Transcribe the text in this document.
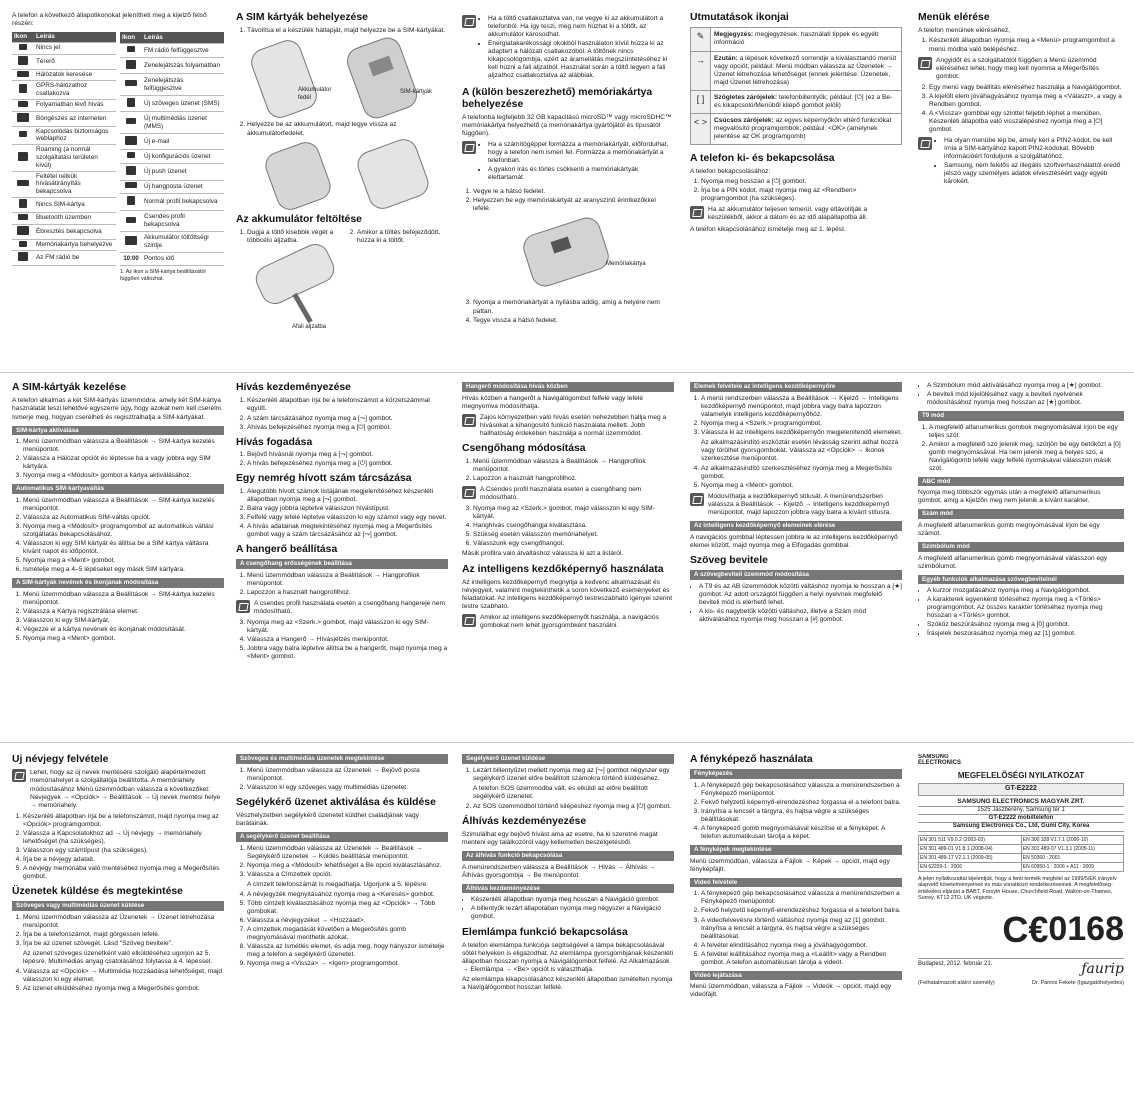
A telefon a következő állapotikonokat jelenítheti meg a kijelző felső részén:

Ikon	Leírás
	Nincs jel
	Térerő
	Hálózatok keresése
	GPRS-hálózathoz csatlakozva
	Folyamatban lévő hívás
	Böngészés az interneten
	Kapcsolódás biztonságos weblaphoz
	Roaming (a normál szolgáltatási területen kívül)
	Feltétel nélküli hívásátirányítás bekapcsolva
	Nincs SIM-kártya
	Bluetooth üzemben
	Ébresztés bekapcsolva
	Memóriakártya behelyezve
	Az FM rádió be
Ikon	Leírás
	FM rádió felfüggesztve
	Zenelejátszás folyamatban
	Zenelejátszás felfüggesztve
	Új szöveges üzenet (SMS)
	Új multimédiás üzenet (MMS)
	Új e-mail
	Új konfigurációs üzenet
	Új push üzenet
	Új hangposta üzenet
	Normál profil bekapcsolva
	Csendes profil bekapcsolva
	Akkumulátor töltöttségi szintje
10:00	Pontos idő

1. Az ikon a SIM-kártya beállításától függően változhat.

A SIM kártyák behelyezése
1. Távolítsa el a készülék hátlapját, majd helyezze be a SIM-kártyákat.
Akkumulátor fedél
SIM-kártyák
2. Helyezze be az akkumulátort, majd tegye vissza az akkumulátorfedelet.
Az akkumulátor feltöltése
1. Dugja a töltő kisebbik végét a többcélú aljzatba.
2. Amikor a töltés befejeződött, húzza ki a töltőt.
Afali aljzatba
• Ha a töltő csatlakoztatva van, ne vegye ki az akkumulátort a telefonból. Ha így teszi, meg nem húzhat ki a töltőt, az akkumulátor károsodhat.
• Energiatakarékossági okokból használaton kívül húzza ki az adaptert a hálózati csatlakozóból. A töltőnek nincs kikapcsológombja, ezért az áramellátás megszüntetéséhez ki kell húzni a fali aljzatból. Használat során a töltő legyen a fali aljzathoz csatlakoztatva az alábbiak.
A (külön beszerezhető) memóriakártya behelyezése

A telefonba legfeljebb 32 GB kapacitású microSD™ vagy microSDHC™ memóriakártya helyezhető (a memóriakártya gyártójától és típusától függően).

• Ha a számítógéppel formázza a memóriakártyát, előfordulhat, hogy a telefon nem ismeri fel. Formázza a memóriakártyát a telefonban.
• A gyakori írás és törlés csökkenti a memóriakártyák élettartamát.
1. Vegye le a hátsó fedelet.
2. Helyezzen be egy memóriakártyát az aranyszínű érintkezőkkel lefelé.
Memóriakártya
3. Nyomja a memóriakártyát a nyílásba addig, amíg a helyére nem pattan.
4. Tegye vissza a hátsó fedelet.
Útmutatások ikonjai
✎	Megjegyzés: megjegyzések, használati tippek és egyéb információ
→	Ezután: a lépések következő sorrendje a kiválasztandó menüt vagy opciót; például: Menü módban válassza az Üzenetek → Üzenet létrehozása lehetőséget (ennek jelentése: Üzenetek, majd Üzenet létrehozása)
[ ]	Szögletes zárójelek: telefonbillentyűk; például: [⏻] (ez a Be- és kikapcsoló/Menüből kilépő gombot jelöli)
< >	Csúcsos zárójelek: az egyes képernyőkön eltérő funkciókat megvalósító programgombok; például: <OK> (amelynek jelentése az OK programgomb)
A telefon ki- és bekapcsolása

A telefon bekapcsolásához:

1. Nyomja meg hosszan a [⏻] gombot.
2. Írja be a PIN kódot, majd nyomja meg az <Rendben> programgombot (ha szükséges).
Ha az akkumulátor teljesen lemerül, vagy eltávolítják a készülékből, akkor a dátum és az idő alapállapotba áll.

A telefon kikapcsolásához ismételje meg az 1. lépést.

Menük elérése

A telefon menüinek eléréséhez,

1. Készenléti állapotban nyomja meg a <Menü> programgombot a menü módba való belépéshez.
Angyidőt és a szolgáltatótól függően a Menü üzemmód eléréséhez lehet, hogy meg kell nyomnia a Megerősítés gombot.
2. Egy menü vagy beállítás eléréséhez használja a Navigálógombot.
3. A kijelölt elem jóváhagyásához nyomja meg a <Választ>, a vagy a Rendben gombot.
4. A <Vissza> gombbal egy szinttel feljebb léphet a menüben. Készenléti állapotba való visszalépéshez nyomja meg a [⏻] gombot.
• Ha olyan menübe lép be, amely kéri a PIN2-kódot, be kell írnia a SIM-kártyához kapott PIN2-kódokat. Bővebb információért forduljunk a szolgáltatóhoz.
• Samsung, nem felelős az illegális szoftverhasználattól eredő jelszó vagy személyes adatok elvesztéséért vagy egyéb károkért.
A SIM-kártyák kezelése

A telefon alkalmas a két SIM-kártyás üzemmódra, amely két SIM-kártya használatát teszi lehetővé egyszerre úgy, hogy azokat nem kell cserélni. Ismerje meg, hogyan cserélheti és regisztrálhatja a SIM-kártyákat.

SIM-kártya aktiválása
1. Menü üzemmódban válassza a Beállítások → SIM-kártya kezelés menüpontot.
2. Válassza a Hálózat opciót és léptesse ba a vagy jobbra egy SIM kártyára.
3. Nyomja meg a <Módosít> gombot a kártya aktiválásához.
Automatikus SIM-kártyaváltás
1. Menü üzemmódban válassza a Beállítások → SIM-kártya kezelés menüpontot.
2. Válassza az Automatikus SIM-váltás opciót.
3. Nyomja meg a <Módosít> programgombot az automatikus váltási szolgáltatás bekapcsolásához.
4. Válasszon ki egy SIM kártyát és állítsa be a SIM kártya váltásra kívánt napot és időpontot.
5. Nyomja meg a <Ment> gombot.
6. Ismételje meg a 4–5 lépéseket egy másik SIM kártyára.
A SIM-kártyák nevének és ikonjának módosítása
1. Menü üzemmódban válassza a Beállítások → SIM-kártya kezelés menüpontot.
2. Válassza a Kártya regisztrálása elemet.
3. Válasszon ki egy SIM-kártyát.
4. Végezze el a kártya nevének és ikonjának módosítását.
5. Nyomja meg a <Ment> gombot.
Hívás kezdeményezése
1. Készenléti állapotban írja be a telefonszámot a körzetszámmal együtt.
2. A szám tárcsázásához nyomja meg a [⤳] gombot.
3. Ahívás befejezéséhez nyomja meg a [⏻] gombot.
Hívás fogadása
1. Bejövő hívásnál nyomja meg a [⤳] gombot.
2. A hívás befejezéséhez nyomja meg a [⏻] gombot.
Egy nemrég hívott szám tárcsázása
1. Alegutóbb hívott számok listájának megjelenítéséhez készenléti állapotban nyomja meg a [⤳] gombot.
2. Balra vagy jobbra léptetve válasszon hívástípust.
3. Felfelé vagy lefelé léptetve válasszon ki egy számot vagy egy nevet.
4. A hívás adatainak megtekintéséhez nyomja meg a Megerősítés gombot vagy a szám tárcsázásához az [⤳] gombot.
A hangerő beállítása
A csengőhang erősségének beállítása
1. Menü üzemmódban válassza a Beállítások → Hangprofilok menüpontot.
2. Lapozzon a használt hangprofilhoz.
A csendes profil használata esetén a csengőhang hangereje nem módosítható.
3. Nyomja meg az <Szerk.> gombot, majd válasszon ki egy SIM-kártyát.
4. Válassza a Hangerő → Hívásjelzés menüpontot.
5. Jobbra vagy balra léptetve állítsa be a hangerőt, majd nyomja meg a <Ment> gombot.
Hangerő módosítása hívás közben

Hívás közben a hangerőt a Navigálógombot felfelé vagy lefelé megnyomva módosíthatja.

Zajos környezetben való hívás esetén nehezebben hallja meg a hívásokat a kihangosító funkció használata mellett. Jobb hallhatóság érdekében használja a normál üzemmódot.
Csengőhang módosítása
1. Menü üzemmódban válassza a Beállítások → Hangprofilok menüpontot.
2. Lapozzon a használt hangprofilhoz.
A Csendes profil használata esetén a csengőhang nem módosítható.
3. Nyomja meg az <Szerk.> gombot, majd válasszon ki egy SIM-kártyát.
4. Hanghívás csengőhangja kiválasztása.
5. Szükség esetén válasszon memóriahelyet.
6. Válasszunk egy csengőhangot.

Másik profilra való átváltáshoz válassza ki azt a listáról.

Az intelligens kezdőképernyő használata

Az intelligens kezdőképernyő megnyitja a kedvenc alkalmazásait és névjegyeit, valamint megtekinthetik a soron következő eseményeket és feladatokat. Az intelligens kezdőképernyő testreszabható igényei szerint testre szabható.

Amikor az intelligens kezdőképernyőt használja, a navigációs gombokat nem lehet gyorsgombként használni.
Elemek felvétele az intelligens kezdőképernyőre
1. A menü rendszerben válassza a Beállítások → Kijelző → Intelligens kezdőképernyő menüpontot, majd jobbra vagy balra lapozzon valamelyik intelligens kezdőképernyőhöz.
2. Nyomja meg a <Szerk.> programgombot.
3. Válassza ki az intelligens kezdőképernyőn megjelenítendő elemeket.

Az alkalmazásindító eszköztár esetén lévásság szerint adhat hozzá vagy törölhet gyorsgombokat. Válassza az <Opciók> → Ikonok szerkesztése menüpontot.

4. Az alkalmazásindító szerkesztéséhez nyomja meg a Megerősítés gombot.
5. Nyomja meg a <Ment> gombot.
Módosíthatja a kezdőképernyő stílusát. A menürendszerben válassza a Beállítások → Kijelző → Intelligens kezdőképernyő menüpontot, majd lapozzon jobbra vagy balra a kívánt stílusra.
Az intelligens kezdőképernyő elemeinek elérése

A navigációs gombbal léptessen jobbra le az intelligens kezdőképernyő elemei között, majd nyomja meg a Elfogadás gombbal.

Szöveg bevitele
A szövegbeviteli üzemmód módosítása
• A T9 és az AB üzemmódok közötti váltáshoz nyomja le hosszan a [★] gombot. Az adott országtól függően a helyi nyelvnek megfelelő beviteli mód is elérhető lehet.
• A kis- és nagybetűk közötti váltáshoz, illetve a Szám mód aktiválásához nyomja meg hosszan a [#] gombot.
• A Szimbólum mód aktiválásához nyomja meg a [★] gombot.
• A beviteli mód kijelöléséhez vagy a beviteli nyelvének módosításához nyomja meg hosszan az [★] gombot.
T9 mód
1. A megfelelő alfanumerikus gombok megnyomásával írjon be egy teljes szót.
2. Amikor a megfelelő szó jelenik meg, szűrjön be egy betűközt a [0] gomb megnyomásával. Ha nem jelenik meg a helyes szó, a Navigálógomb lefelé vagy felfelé nyomásával válasszon másik szót.
ABC mód

Nyomja meg többször egymás után a megfelelő alfanumerikus gombot, amíg a kijelzőn meg nem jelenik a kívánt karakter.

Szám mód

A megfelelő alfanumerikus gomb megnyomásával írjon be egy számot.

Szimbólum mód

A megfelelő alfanumerikus gomb megnyomásával válasszon egy szimbólumot.

Egyéb funkciók alkalmazása szövegbevitelnél
• A kurzor mozgatásához nyomja meg a Navigálógombot.
• A karakterek egyenkénti törléséhez nyomja meg a <Törlés> programgombot. Az összes karakter törléséhez nyomja meg hosszan a <Törlés> gombot.
• Szóköz beszúrásához nyomja meg a [0] gombot.
• Írásjelek beszúrásához nyomja meg az [1] gombot.
Új névjegy felvétele
Lehet, hogy az új nevek mentésére szolgáló alapértelmezett memóriahelyet a szolgáltatója beállította. A memóriahely módosításához Menü üzemmódban válassza a következőket: Névjegyek → <Opciók> → Beállítások → Új nevek mentési helye → memóriahely.
1. Készenléti állapotban írja be a telefonszámot, majd nyomja meg az <Opciók> programgombot.
2. Válassza a Kapcsolatokhoz ad → Új névjegy → memóriahely lehetőséget (ha szükséges).
3. Válasszon egy számtípust (ha szükséges).
4. Írja be a névjegy adatait.
5. A névjegy memóriába való mentéséhez nyomja meg a Megerősítés gombot.
Üzenetek küldése és megtekintése
Szöveges vagy multimédiás üzenet küldése
1. Menü üzemmódban válassza az Üzenetek → Üzenet létrehozása menüpontot.
2. Írja be a telefonszámot, majd görgessen lefelé.
3. Írja be az üzenet szövegét. Lásd "Szöveg bevitele".

Az üzenet szöveges üzenetként való elküldéséhez ugorjon az 5. lépésre. Multimédiás anyag csatolásához folytassa a 4. lépéssel.

4. Válassza az <Opciók> → Multimédia hozzáadása lehetőséget, majd válasszon ki egy elemet.
5. Az üzenet elküldéséhez nyomja meg a Megerősítés gombot.
Szöveges és multimédiás üzenetek megtekintése
1. Menü üzemmódban válassza az Üzenetek → Bejövő posta menüpontot.
2. Válasszon ki egy szöveges vagy multimédiás üzenetet.
Segélykérő üzenet aktiválása és küldése

Vészhelyzetben segélykérő üzenetet küldhet családjának vagy barátainak.

A segélykérő üzenet beállítása
1. Menü üzemmódban válassza az Üzenetek → Beállítások → Segélykérő üzenetek → Küldés beállításai menüpontot.
2. Nyomja meg a <Módosít> lehetőséget a Be opció kiválasztásához.
3. Válassza a Címzettek opciót.

A címzett telefonszámát is megadhatja. Ugorjunk a 5. lépésre.

4. A névjegyzék megnyitásához nyomja meg a <Keresés> gombot.
5. Több címzett kiválasztásához nyomja meg az <Opciók> → Több gombokat.
6. Válassza a névjegyzéket → <Hozzáad>.
7. A címzettek megadását követően a Megerősítés gomb megnyomásával menthetik azokat.
8. Válassza az Ismétlés elemet, és adja meg, hogy hányszor ismételje meg a telefon a segélykérő üzenetet.
9. Nyomja meg a <Vissza> → <Igen> programgombot.
Segélykérő üzenet küldése
1. Lezárt billentyűzet mellett nyomja meg az [⤳] gombot négyszer egy segélykérő üzenet előre beállított számokra történő küldéséhez.

A telefon SOS üzemmódba vált, és elküldi az előre beállított segélykérő üzenetet.

2. Az SOS üzemmódból történő kilépéshez nyomja meg a [⏻] gombot.
Álhívás kezdeményezése

Szimulálhat egy bejövő hívást ama az esetre, ha ki szeretné magát menteni egy találkozóról vagy kellemetlen beszélgetésből.

Az álhívás funkció bekapcsolása

A menürendszerben válassza a Beállítások → Hívás → Álhívás → Álhívás gyorsgombja → Be menüpontot.

Álhívás kezdeményezése
• Készenléti állapotban nyomja meg hosszan a Navigáció gombot.
• A billentyűk lezárt állapotában nyomja meg négyszer a Navigáció gombot.
Elemlámpa funkció bekapcsolása

A telefon elemlámpa funkciója segítségével a lámpa bekapcsolásával sötét helyeken is eligazodhat. Az elemlámpa gyorsgombjának készenléti állapotban hosszan nyomja a Navigálógombot felfelé. Az Alkalmazások → Elemlámpa → <Be> opciót is választhatja.

Az elemlámpa kikapcsolásához készenléti állapotban ismételten nyomja a Navigálógombot hosszan felfelé.

A fényképező használata
Fényképezés
1. A fényképező gép bekapcsolásához válassza a menürendszerben a Fényképező menüpontot.
2. Fekvő helyzetű képernyő-elrendezéshez forgassa el a telefont balra.
3. Irányítsa a lencsét a tárgyra, és hajtsa végre a szükséges beállításokat.
4. A fényképező gomb megnyomásával készítse el a fényképet. A telefon automatikusan tárolja a képet.
A fényképek megtekintése

Menü üzemmódban, válassza a Fájlok → Képek → opciót, majd egy fényképfájlt.

Videó felvétele
1. A fényképező gép bekapcsolásához válassza a menürendszerben a Fényképező menüpontot.
2. Fekvő helyzetű képernyő-elrendezéshez forgassa el a telefont balra.
3. A videofelvevésre történő váltáshoz nyomja meg az [1] gombot. Irányítsa a lencsét a tárgyra, és hajtsa végre a szükséges beállításokat.
4. A felvétel elindításához nyomja meg a jóváhagyógombot.
5. A felvétel leállításához nyomja meg a <Leállít> vagy a Rendben gombot. A telefon automatikusan tárolja a videót.
Videó lejátszása

Menü üzemmódban, válassza a Fájlok → Videók → opciót, majd egy videófájlt.

SAMSUNG ELECTRONICS
MEGFELELŐSÉGI NYILATKOZAT
GT-E2222
SAMSUNG ELECTRONICS MAGYAR ZRT.
1525 Jászberény, Samsung tér 1
GT-E2222 mobiltelefon
Samsung Electronics Co., Ltd, Gumi City, Korea
EN 301 511 V9.0.2 (2003-03)	EN 300 328 V1.7.1 (2006-10)
EN 301 489-01 V1.8.1 (2008-04)	EN 301 489-07 V1.3.1 (2005-11)
EN 301 489-17 V2.1.1 (2009-05)	EN 50360 : 2001
EN 62209-1 : 2006	EN 60950-1 : 2006 + A11 : 2009

A jelen nyilatkozattal kijelentjük, hogy a fenti termék megfelel az 1999/5/EK irányelv alapvető követelményeinek és más vonatkozó rendelkezéseinek. A megfelelőség-értékelési eljárást a BABT, Forsyth House, Churchfield Road, Walton-on-Thames, Surrey, KT12 2TD, UK végezte.

C€ 0168
Budapest, 2012. február 21.	ƒaurip
(Felhatalmazott aláíró személy)	Dr. Pannis Fekete (Igazgatóhelyettes)
